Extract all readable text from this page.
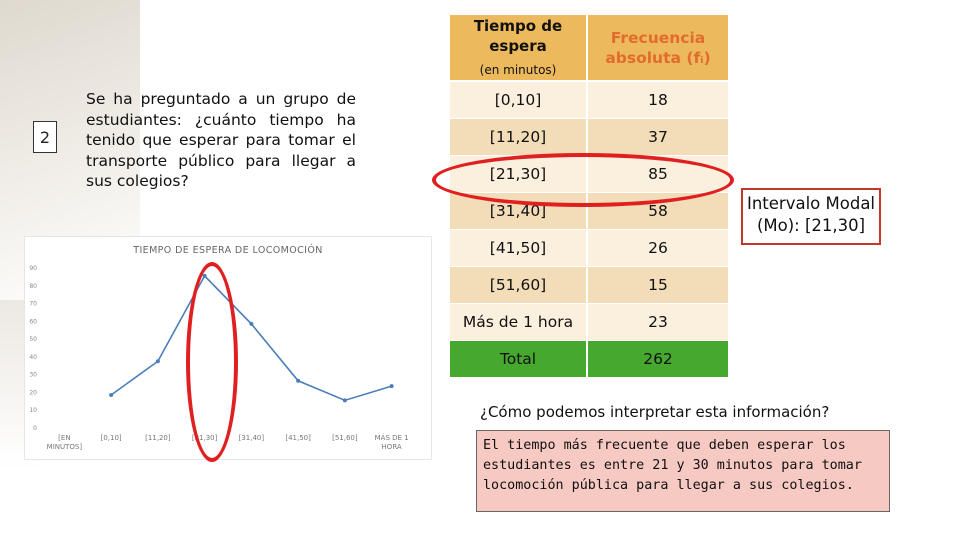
2
Se ha preguntado a un grupo de estudiantes: ¿cuánto tiempo ha tenido que esperar para tomar el transporte público para llegar a sus colegios?
TIEMPO DE ESPERA DE LOCOMOCIÓN
0
10
20
30
40
50
60
70
80
90
[EN
MINUTOS]
[0,10]	[11,20]	[21,30]	[31,40]	[41,50]	[51,60] MÁS DE 1
HORA
Tiempo de espera
(en minutos)
Frecuencia absoluta (fᵢ)
[0,10]	18
[11,20]	37
[21,30]	85
[31,40]	58
[41,50]	26
[51,60]	15
Más de 1 hora	23
Total	262
Intervalo Modal
(Mo): [21,30]
¿Cómo podemos interpretar esta información?
El tiempo más frecuente que deben esperar los estudiantes es entre 21 y 30 minutos para tomar locomoción pública para llegar a sus colegios.
